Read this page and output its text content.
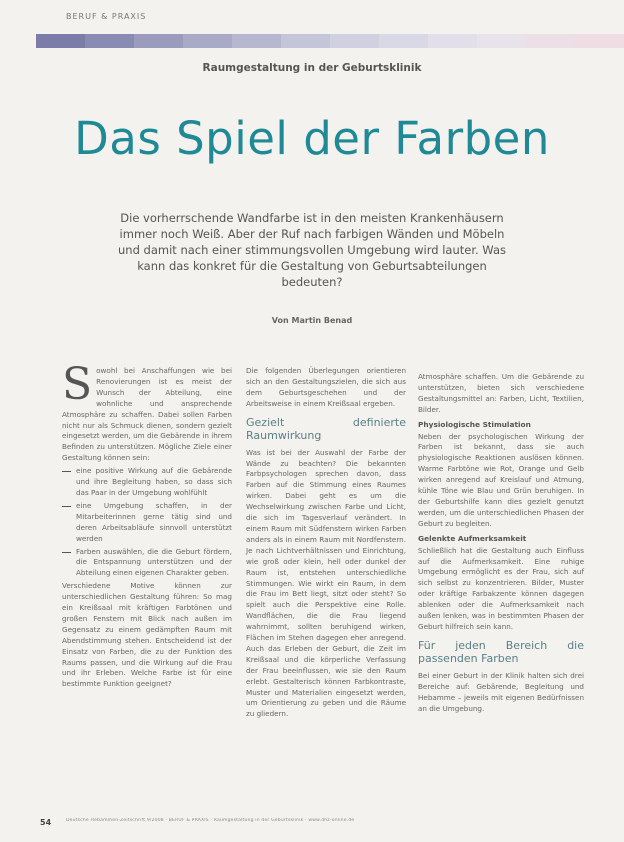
BERUF & PRAXIS
Raumgestaltung in der Geburtsklinik
Das Spiel der Farben
Die vorherrschende Wandfarbe ist in den meisten Krankenhäusern immer noch Weiß. Aber der Ruf nach farbigen Wänden und Möbeln und damit nach einer stimmungsvollen Umgebung wird lauter. Was kann das konkret für die Gestaltung von Geburtsabteilungen bedeuten?
Von Martin Benad

Sowohl bei Anschaffungen wie bei Renovierungen ist es meist der Wunsch der Abteilung, eine wohnliche und ansprechende Atmosphäre zu schaffen. Dabei sollen Farben nicht nur als Schmuck dienen, sondern gezielt eingesetzt werden, um die Gebärende in ihrem Befinden zu unterstützen. Mögliche Ziele einer Gestaltung können sein:

eine positive Wirkung auf die Gebärende und ihre Begleitung haben, so dass sich das Paar in der Umgebung wohlfühlt
eine Umgebung schaffen, in der Mitarbeiterinnen gerne tätig sind und deren Arbeitsabläufe sinnvoll unterstützt werden
Farben auswählen, die die Geburt fördern, die Entspannung unterstützen und der Abteilung einen eigenen Charakter geben.

Verschiedene Motive können zur unterschiedlichen Gestaltung führen: So mag ein Kreißsaal mit kräftigen Farbtönen und großen Fenstern mit Blick nach außen im Gegensatz zu einem gedämpften Raum mit Abendstimmung stehen. Entscheidend ist der Einsatz von Farben, die zu der Funktion des Raums passen, und die Wirkung auf die Frau und ihr Erleben. Welche Farbe ist für eine bestimmte Funktion geeignet?

Die folgenden Überlegungen orientieren sich an den Gestaltungszielen, die sich aus dem Geburtsgeschehen und der Arbeitsweise in einem Kreißsaal ergeben.

Gezielt definierte Raumwirkung

Was ist bei der Auswahl der Farbe der Wände zu beachten? Die bekannten Farbpsychologen sprechen davon, dass Farben auf die Stimmung eines Raumes wirken. Dabei geht es um die Wechselwirkung zwischen Farbe und Licht, die sich im Tagesverlauf verändert. In einem Raum mit Südfenstern wirken Farben anders als in einem Raum mit Nordfenstern. Je nach Lichtverhältnissen und Einrichtung, wie groß oder klein, hell oder dunkel der Raum ist, entstehen unterschiedliche Stimmungen. Wie wirkt ein Raum, in dem die Frau im Bett liegt, sitzt oder steht? So spielt auch die Perspektive eine Rolle. Wandflächen, die die Frau liegend wahrnimmt, sollten beruhigend wirken, Flächen im Stehen dagegen eher anregend. Auch das Erleben der Geburt, die Zeit im Kreißsaal und die körperliche Verfassung der Frau beeinflussen, wie sie den Raum erlebt. Gestalterisch können Farbkontraste, Muster und Materialien eingesetzt werden, um Orientierung zu geben und die Räume zu gliedern.

Atmosphäre schaffen. Um die Gebärende zu unterstützen, bieten sich verschiedene Gestaltungsmittel an: Farben, Licht, Textilien, Bilder.

Physiologische Stimulation

Neben der psychologischen Wirkung der Farben ist bekannt, dass sie auch physiologische Reaktionen auslösen können. Warme Farbtöne wie Rot, Orange und Gelb wirken anregend auf Kreislauf und Atmung, kühle Töne wie Blau und Grün beruhigen. In der Geburtshilfe kann dies gezielt genutzt werden, um die unterschiedlichen Phasen der Geburt zu begleiten.

Gelenkte Aufmerksamkeit

Schließlich hat die Gestaltung auch Einfluss auf die Aufmerksamkeit. Eine ruhige Umgebung ermöglicht es der Frau, sich auf sich selbst zu konzentrieren. Bilder, Muster oder kräftige Farbakzente können dagegen ablenken oder die Aufmerksamkeit nach außen lenken, was in bestimmten Phasen der Geburt hilfreich sein kann.

Für jeden Bereich die passenden Farben

Bei einer Geburt in der Klinik halten sich drei Bereiche auf: Gebärende, Begleitung und Hebamme – jeweils mit eigenen Bedürfnissen an die Umgebung.

54	Deutsche Hebammen-Zeitschrift 9/2008 · BERUF & PRAXIS · Raumgestaltung in der Geburtsklinik · www.dhz-online.de
